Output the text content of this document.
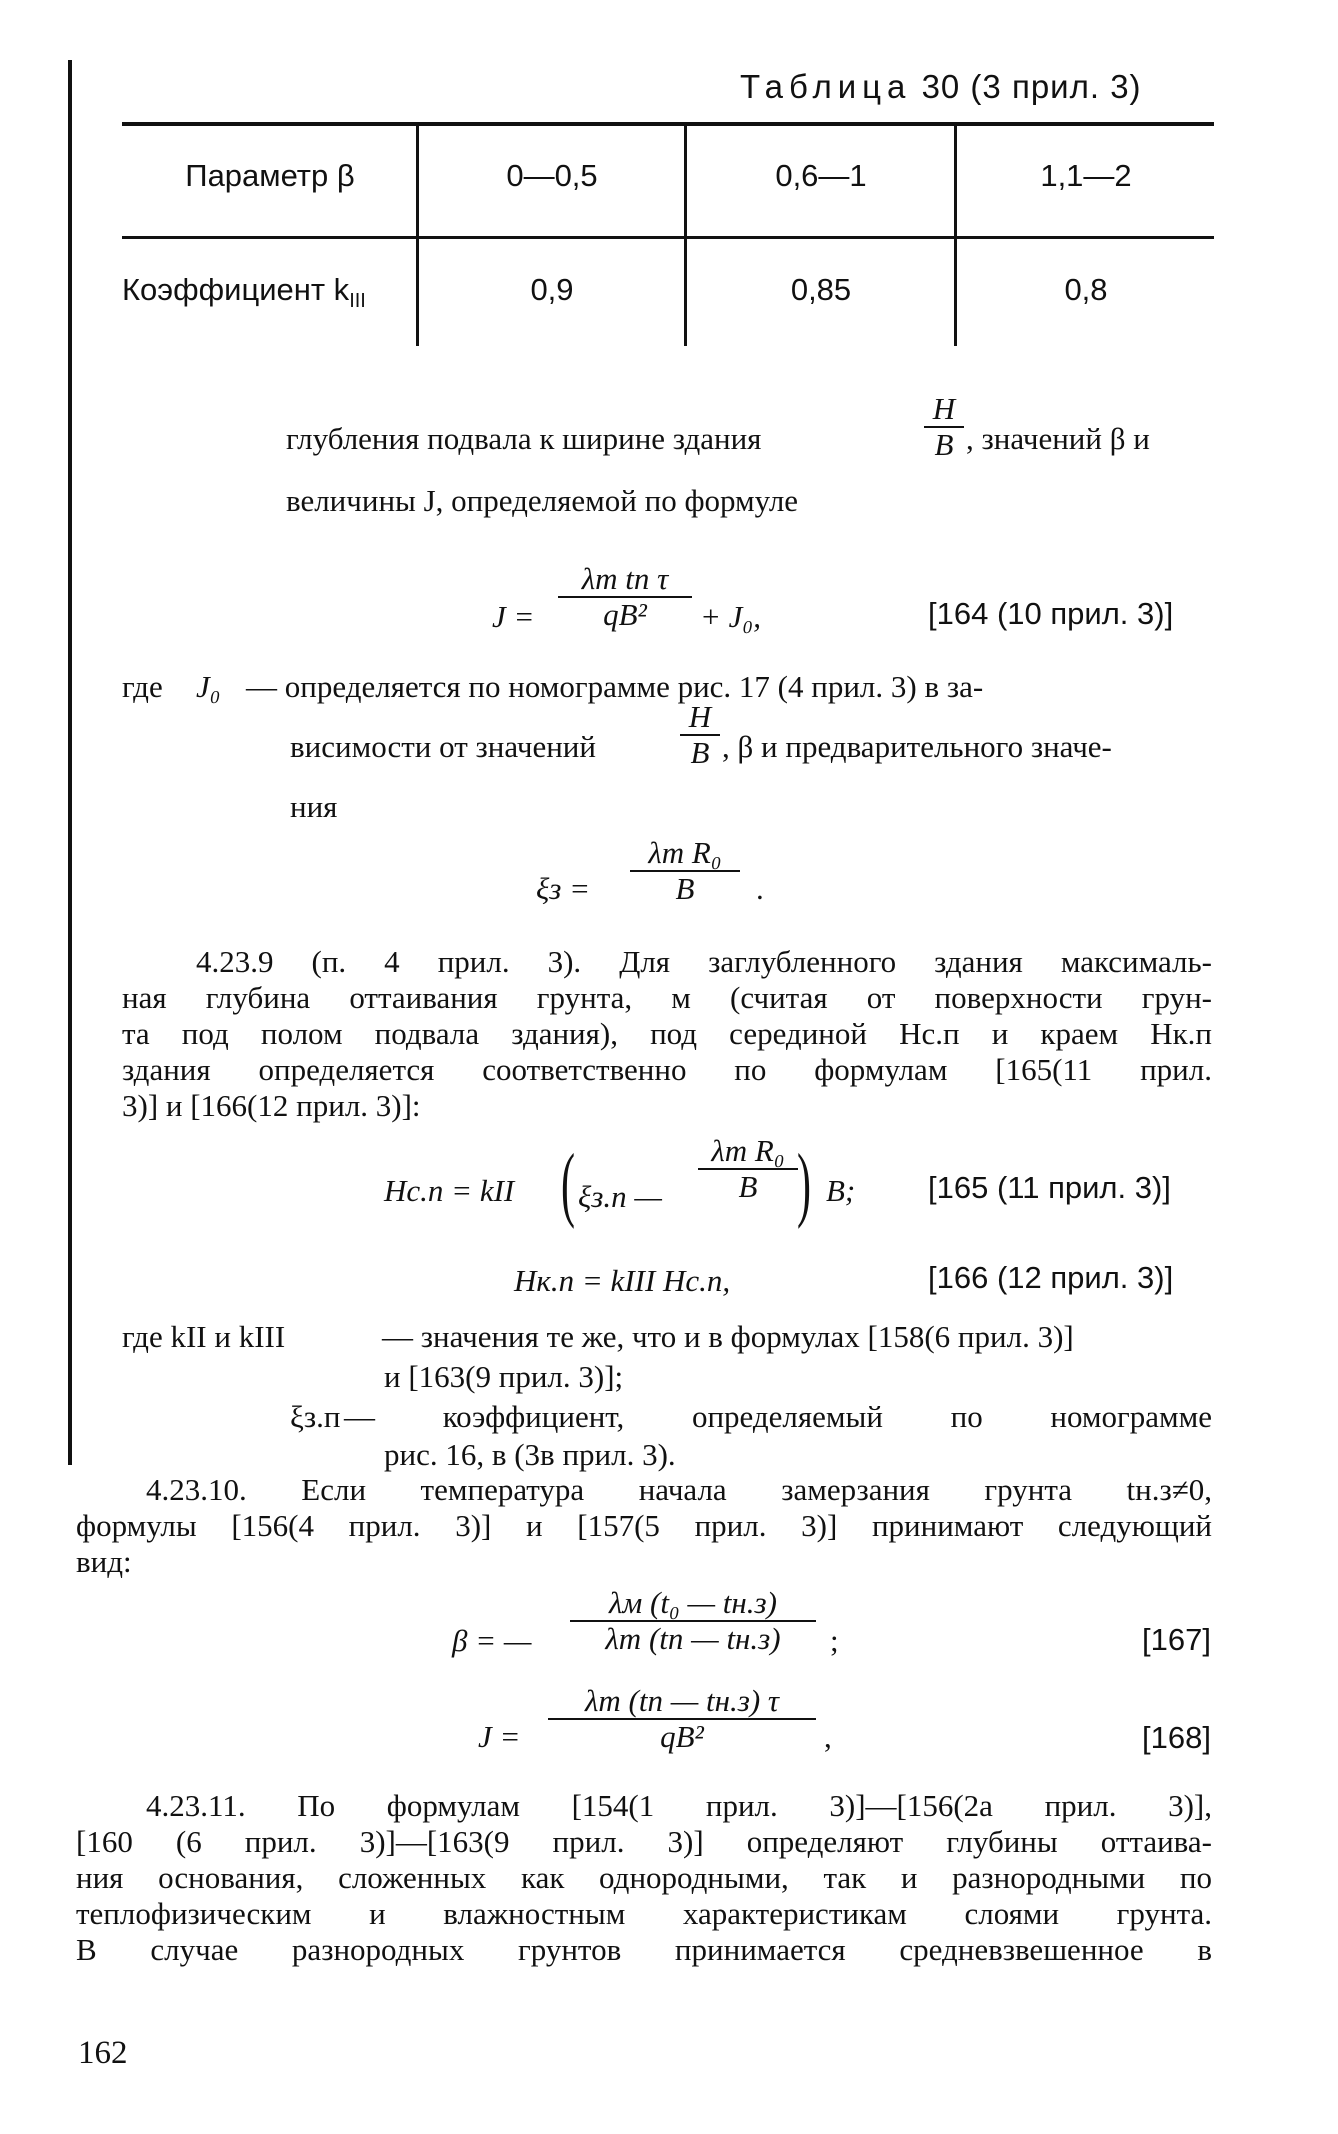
Таблица 30 (3 прил. 3)
Параметр β	0—0,5	0,6—1	1,1—2
Коэффициент $k_{III}$	0,9	0,85	0,8
глубления подвала к ширине здания
H
B , значений β и
величины J, определяемой по формуле
J =
λт tп τ
qB² + J₀,	[164 (10 прил. 3)]
где J₀ — определяется по номограмме рис. 17 (4 прил. 3) в за-
висимости от значений
H
B , β и предварительного значе-
ния
ξз =
λт R₀
B .
4.23.9 (п. 4 прил. 3). Для заглубленного здания максималь-
ная глубина оттаивания грунта, м (считая от поверхности грун-
та под полом подвала здания), под серединой Hс.п и краем Hк.п
здания определяется соответственно по формулам [165(11 прил.
3)] и [166(12 прил. 3)]:
Hс.п = kII ( ξз.п —
λт R₀
B ) B; [165 (11 прил. 3)]
Hк.п = kIII Hс.п,	[166 (12 прил. 3)]
где kII и kIII	— значения те же, что и в формулах [158(6 прил. 3)]
и [163(9 прил. 3)];
ξз.п — коэффициент, определяемый по номограмме
рис. 16, в (3в прил. 3).
4.23.10. Если температура начала замерзания грунта tн.з≠0,
формулы [156(4 прил. 3)] и [157(5 прил. 3)] принимают следующий
вид:
β = —
λм (t₀ — tн.з)
λт (tп — tн.з) ;	[167]
J =
λт (tп — tн.з) τ
qB²	,	[168]
4.23.11. По формулам [154(1 прил. 3)]—[156(2а прил. 3)],
[160 (6 прил. 3)]—[163(9 прил. 3)] определяют глубины оттаива-
ния основания, сложенных как однородными, так и разнородными по
теплофизическим и влажностным характеристикам слоями грунта.
В случае разнородных грунтов принимается средневзвешенное в
162
